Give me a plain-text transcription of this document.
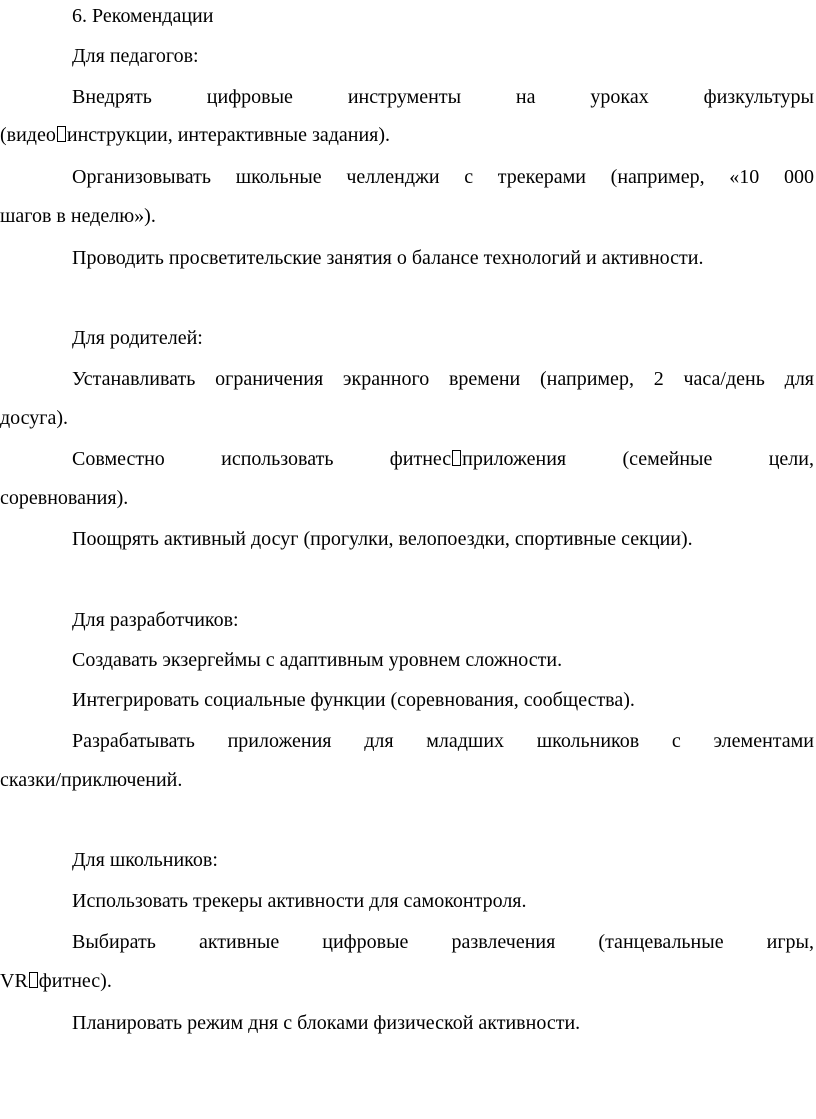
6. Рекомендации
Для педагогов:
Внедрять цифровые инструменты на уроках физкультуры
(видео инструкции, интерактивные задания).
Организовывать школьные челленджи с трекерами (например, «10 000
шагов в неделю»).
Проводить просветительские занятия о балансе технологий и активности.
Для родителей:
Устанавливать ограничения экранного времени (например, 2 часа/день для
досуга).
Совместно использовать фитнес приложения (семейные цели,
соревнования).
Поощрять активный досуг (прогулки, велопоездки, спортивные секции).
Для разработчиков:
Создавать экзергеймы с адаптивным уровнем сложности.
Интегрировать социальные функции (соревнования, сообщества).
Разрабатывать приложения для младших школьников с элементами
сказки/приключений.
Для школьников:
Использовать трекеры активности для самоконтроля.
Выбирать активные цифровые развлечения (танцевальные игры,
VR фитнес).
Планировать режим дня с блоками физической активности.
